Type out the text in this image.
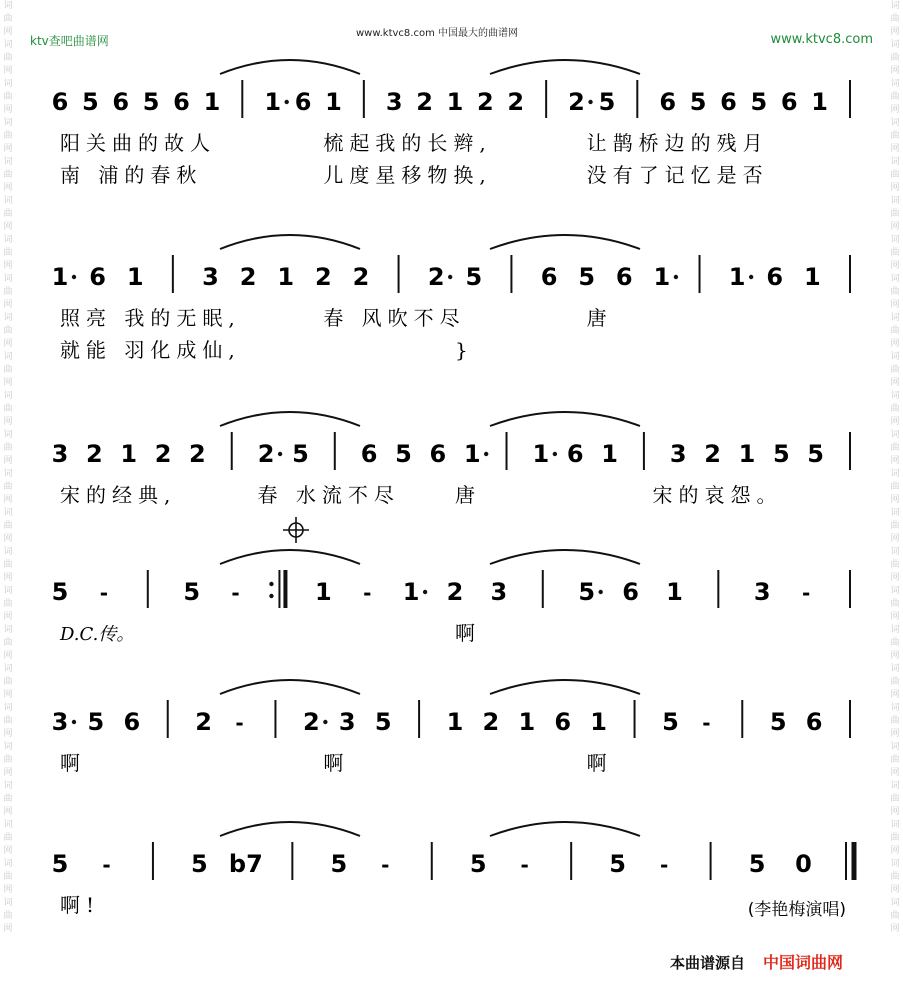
词曲网词曲网词曲网词曲网词曲网词曲网词曲网词曲网词曲网词曲网词曲网词曲网词曲网词曲网词曲网词曲网词曲网词曲网词曲网词曲网词曲网词曲网词曲网词曲网
词曲网词曲网词曲网词曲网词曲网词曲网词曲网词曲网词曲网词曲网词曲网词曲网词曲网词曲网词曲网词曲网词曲网词曲网词曲网词曲网词曲网词曲网词曲网词曲网
ktv查吧曲谱网
www.ktvc8.com 中国最大的曲谱网	www.ktvc8.com
6 5 6 5 6 1 1 6 1 3 2 1 2 2 2 5 6 5 6 5 6 1
阳关曲的故人	梳起我的长辫,	让鹊桥边的残月
南 浦的春秋	儿度星移物换,	没有了记忆是否
1 6 1 3 2 1 2 2 2 5 6 5 6 1 1 6 1
照亮 我的无眠,	春 风吹不尽	唐
就能 羽化成仙,	}
3 2 1 2 2 2 5 6 5 6 1 1 6 1 3 2 1 5 5
宋的经典,	春 水流不尽	唐	宋的哀怨。
5 -	5 -	1 - 1 2 3	5 6 1	3 -
D.C.传。	啊
3 5 6 2 - 2 3 5 1 2 1 6 1 5 - 5 6
啊	啊	啊
5 -	5 b7	5 -	5 -	5 -	5 0
啊!	(李艳梅演唱)
本曲谱源自 中国词曲网
